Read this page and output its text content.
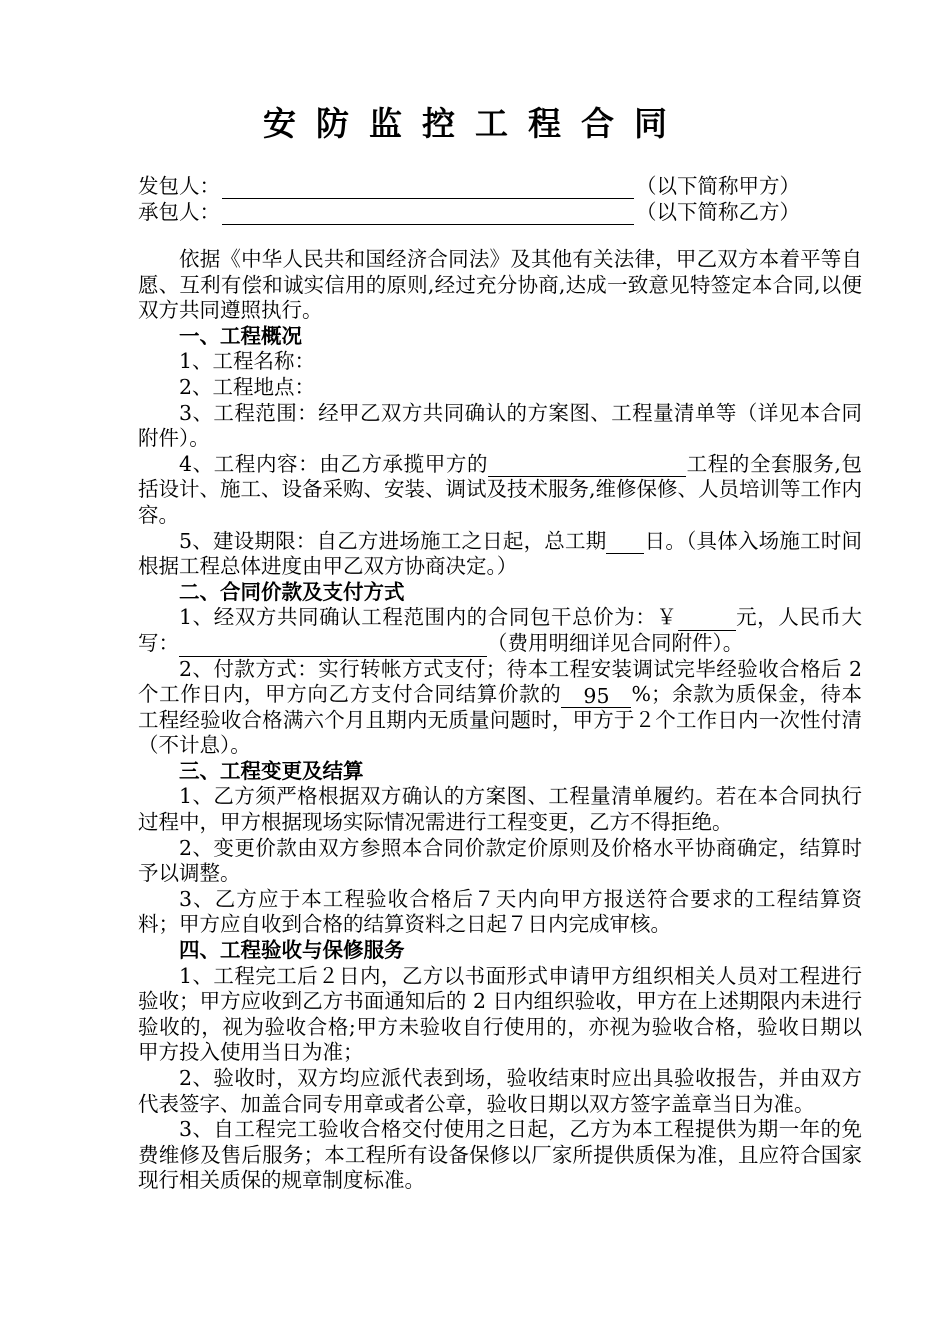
安防监控工程合同
发包人：	（以下简称甲方）
承包人：	（以下简称乙方）

依据《中华人民共和国经济合同法》及其他有关法律，甲乙双方本着平等自愿、互利有偿和诚实信用的原则,经过充分协商,达成一致意见特签定本合同,以便双方共同遵照执行。

一、工程概况

1、工程名称：

2、工程地点：

3、工程范围：经甲乙双方共同确认的方案图、工程量清单等（详见本合同附件）。

4、工程内容：由乙方承揽甲方的	工程的全套服务,包括设计、施工、设备采购、安装、调试及技术服务,维修保修、人员培训等工作内容。

5、建设期限：自乙方进场施工之日起，总工期 日。（具体入场施工时间根据工程总体进度由甲乙双方协商决定。）

二、合同价款及支付方式

1、经双方共同确认工程范围内的合同包干总价为：￥	元，人民币大写：	（费用明细详见合同附件）。

2、付款方式：实行转帐方式支付；待本工程安装调试完毕经验收合格后 2 个工作日内，甲方向乙方支付合同结算价款的 95 %；余款为质保金，待本工程经验收合格满六个月且期内无质量问题时，甲方于２个工作日内一次性付清（不计息）。

三、工程变更及结算

1、乙方须严格根据双方确认的方案图、工程量清单履约。若在本合同执行过程中，甲方根据现场实际情况需进行工程变更，乙方不得拒绝。

2、变更价款由双方参照本合同价款定价原则及价格水平协商确定，结算时予以调整。

3、乙方应于本工程验收合格后７天内向甲方报送符合要求的工程结算资料；甲方应自收到合格的结算资料之日起７日内完成审核。

四、工程验收与保修服务

1、工程完工后２日内，乙方以书面形式申请甲方组织相关人员对工程进行验收；甲方应收到乙方书面通知后的 2 日内组织验收，甲方在上述期限内未进行验收的，视为验收合格;甲方未验收自行使用的，亦视为验收合格，验收日期以甲方投入使用当日为准；

2、验收时，双方均应派代表到场，验收结束时应出具验收报告，并由双方代表签字、加盖合同专用章或者公章，验收日期以双方签字盖章当日为准。

3、自工程完工验收合格交付使用之日起，乙方为本工程提供为期一年的免费维修及售后服务；本工程所有设备保修以厂家所提供质保为准，且应符合国家现行相关质保的规章制度标准。
